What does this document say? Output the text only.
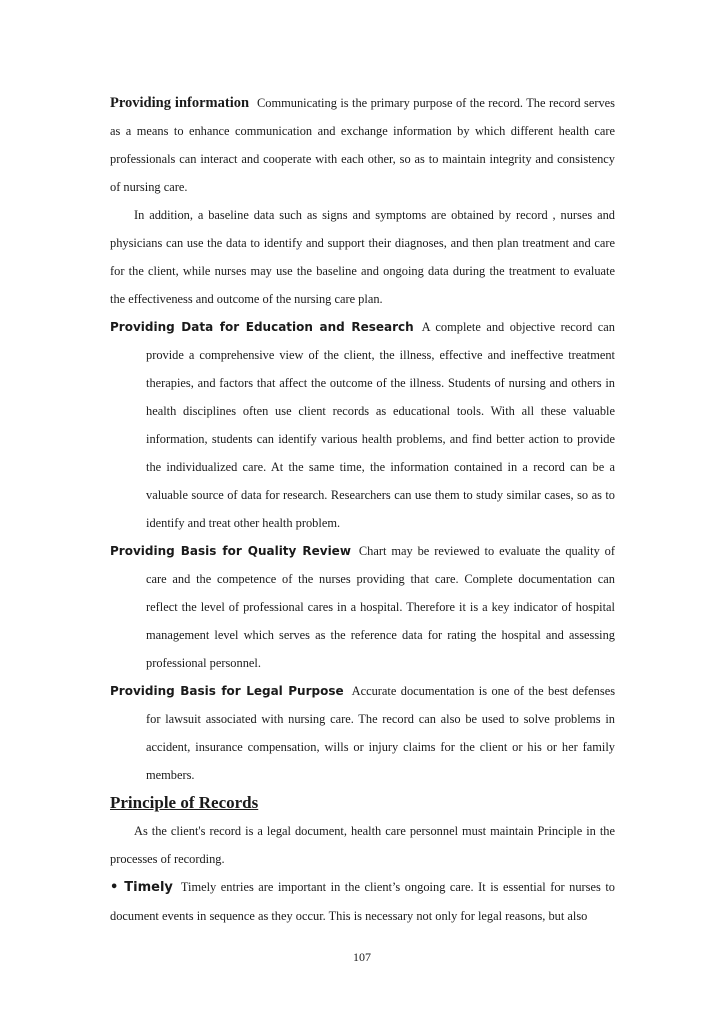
Providing information Communicating is the primary purpose of the record. The record serves as a means to enhance communication and exchange information by which different health care professionals can interact and cooperate with each other, so as to maintain integrity and consistency of nursing care.

In addition, a baseline data such as signs and symptoms are obtained by record , nurses and physicians can use the data to identify and support their diagnoses, and then plan treatment and care for the client, while nurses may use the baseline and ongoing data during the treatment to evaluate the effectiveness and outcome of the nursing care plan.

Providing Data for Education and Research A complete and objective record can provide a comprehensive view of the client, the illness, effective and ineffective treatment therapies, and factors that affect the outcome of the illness. Students of nursing and others in health disciplines often use client records as educational tools. With all these valuable information, students can identify various health problems, and find better action to provide the individualized care. At the same time, the information contained in a record can be a valuable source of data for research. Researchers can use them to study similar cases, so as to identify and treat other health problem.

Providing Basis for Quality Review Chart may be reviewed to evaluate the quality of care and the competence of the nurses providing that care. Complete documentation can reflect the level of professional cares in a hospital. Therefore it is a key indicator of hospital management level which serves as the reference data for rating the hospital and assessing professional personnel.

Providing Basis for Legal Purpose Accurate documentation is one of the best defenses for lawsuit associated with nursing care. The record can also be used to solve problems in accident, insurance compensation, wills or injury claims for the client or his or her family members.

Principle of Records

As the client's record is a legal document, health care personnel must maintain Principle in the processes of recording.

• Timely Timely entries are important in the client’s ongoing care. It is essential for nurses to document events in sequence as they occur. This is necessary not only for legal reasons, but also

107
